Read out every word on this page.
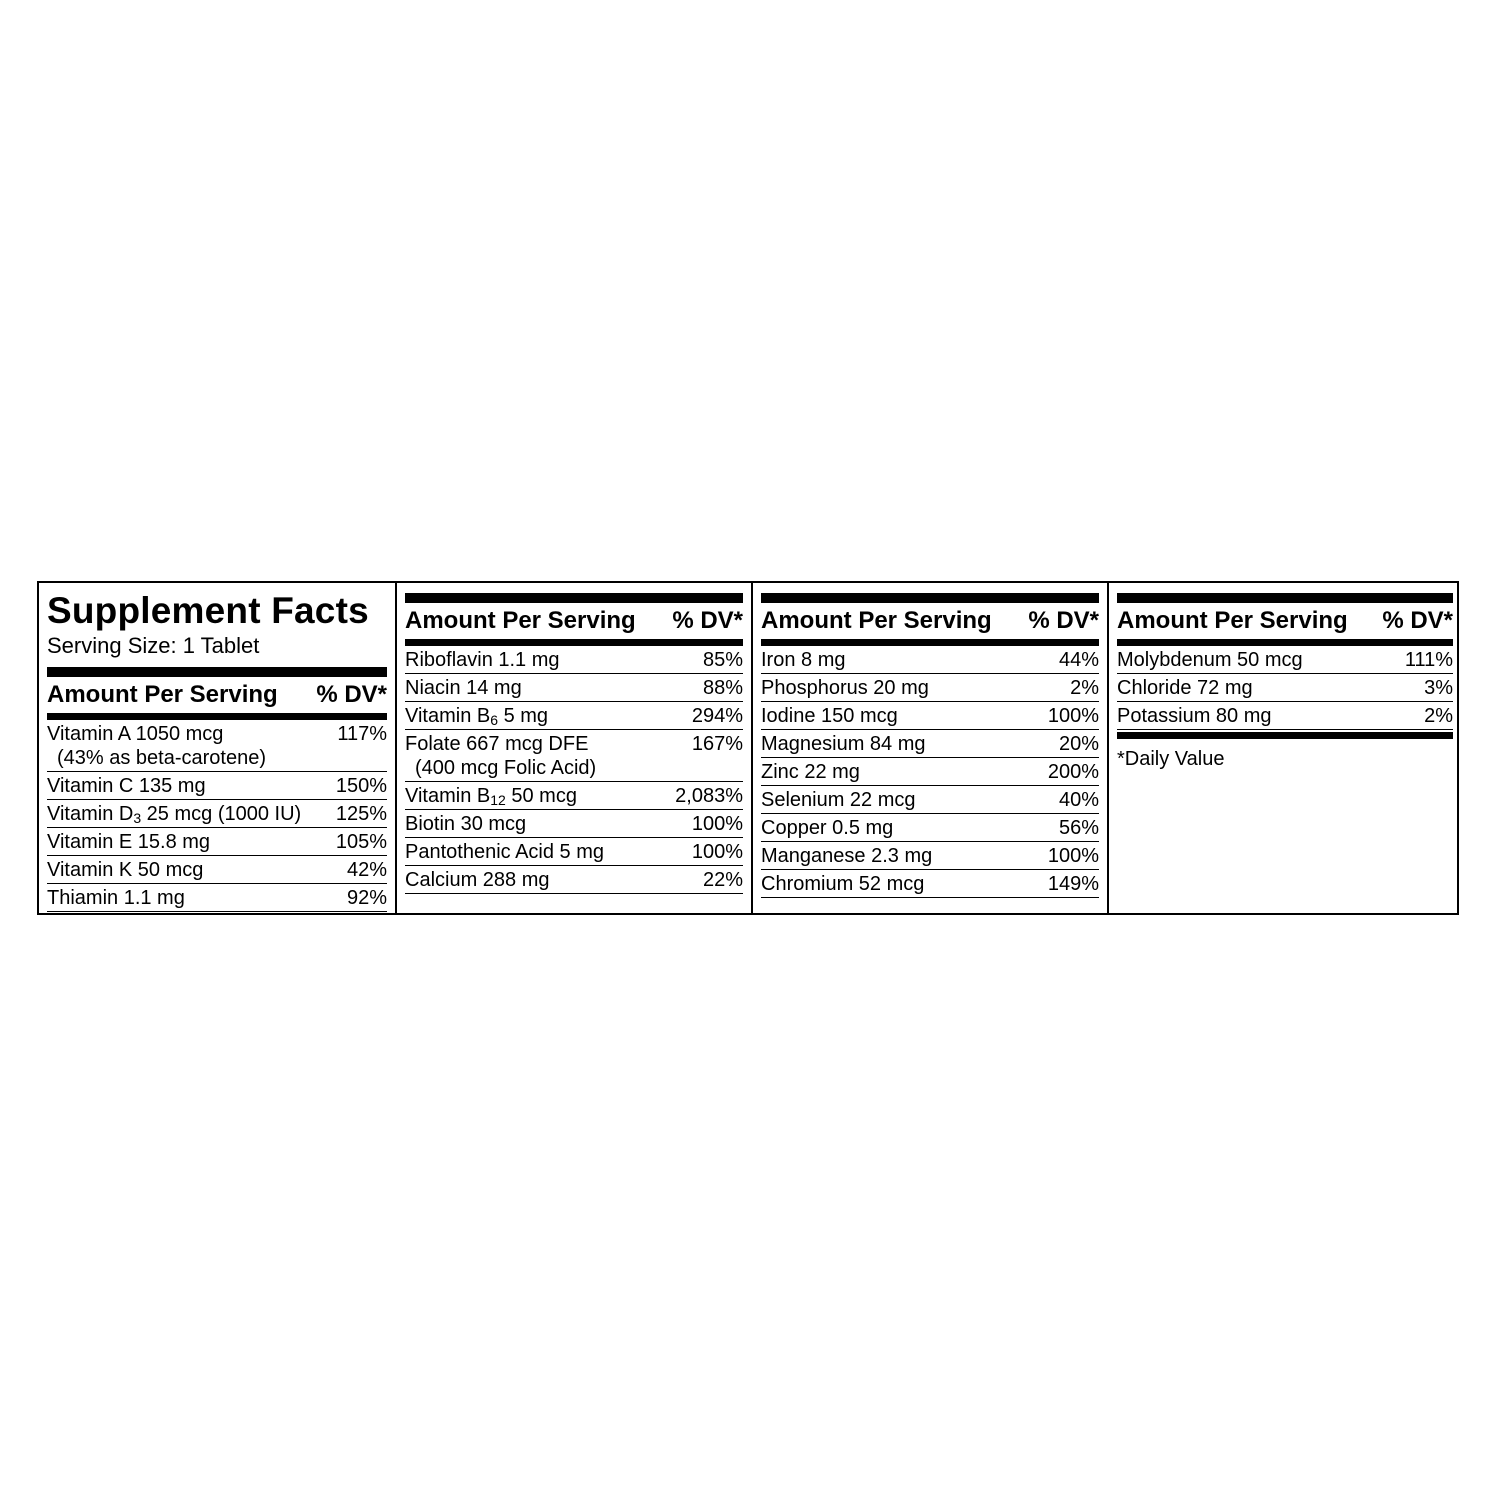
Supplement Facts
Serving Size: 1 Tablet
Amount Per Serving % DV*
Vitamin A 1050 mcg
(43% as beta-carotene)
117%
Vitamin C 135 mg	150%
Vitamin $D_3$ 25 mcg (1000 IU) 125%
Vitamin E 15.8 mg	105%
Vitamin K 50 mcg	42%
Thiamin 1.1 mg	92%
Amount Per Serving % DV*
Riboflavin 1.1 mg	85%
Niacin 14 mg	88%
Vitamin $B_6$ 5 mg	294%
Folate 667 mcg DFE
(400 mcg Folic Acid)
167%
Vitamin $B_{12}$ 50 mcg	2,083%
Biotin 30 mcg	100%
Pantothenic Acid 5 mg	100%
Calcium 288 mg	22%
Amount Per Serving % DV*
Iron 8 mg	44%
Phosphorus 20 mg	2%
Iodine 150 mcg	100%
Magnesium 84 mg	20%
Zinc 22 mg	200%
Selenium 22 mcg	40%
Copper 0.5 mg	56%
Manganese 2.3 mg	100%
Chromium 52 mcg	149%
Amount Per Serving % DV*
Molybdenum 50 mcg	111%
Chloride 72 mg	3%
Potassium 80 mg	2%
*Daily Value
